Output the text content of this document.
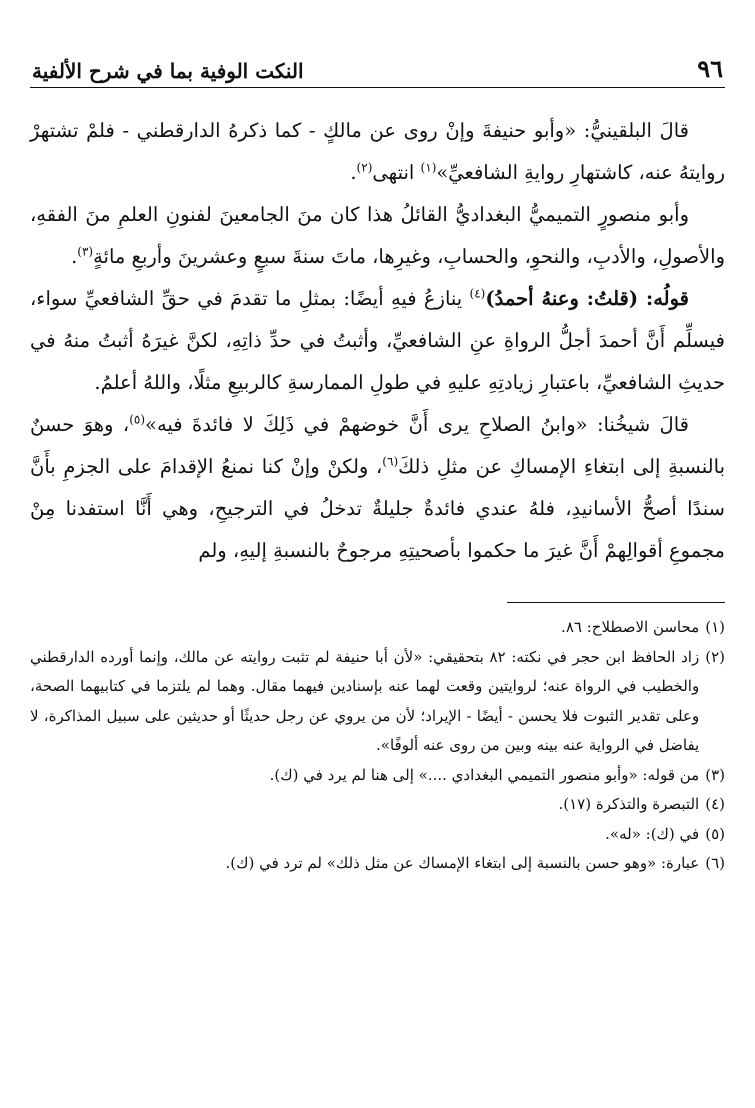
٩٦
النكت الوفية بما في شرح الألفية

قالَ البلقينيُّ: «وأبو حنيفةَ وإنْ روى عن مالكٍ - كما ذكرهُ الدارقطني - فلمْ تشتهرْ روايتهُ عنه، كاشتهارِ روايةِ الشافعيِّ»$^{(١)}$ انتهى$^{(٢)}$.

وأبو منصورٍ التميميُّ البغداديُّ القائلُ هذا كان منَ الجامعينَ لفنونِ العلمِ منَ الفقهِ، والأصولِ، والأدبِ، والنحوِ، والحسابِ، وغيرِها، ماتَ سنةَ سبعٍ وعشرينَ وأربعِ مائةٍ$^{(٣)}$.

قولُه: (قلتُ: وعنهُ أحمدُ)$^{(٤)}$ ينازعُ فيهِ أيضًا: بمثلِ ما تقدمَ في حقِّ الشافعيِّ سواء، فيسلِّم أَنَّ أحمدَ أجلُّ الرواةِ عنِ الشافعيِّ، وأثبتُ في حدِّ ذاتِهِ، لكنَّ غيرَهُ أثبتُ منهُ في حديثِ الشافعيِّ، باعتبارِ زيادتِهِ عليهِ في طولِ الممارسةِ كالربيعِ مثلًا، واللهُ أعلمُ.

قالَ شيخُنا: «وابنُ الصلاحِ يرى أَنَّ خوضهمْ في ذَلِكَ لا فائدةَ فيه»$^{(٥)}$، وهوَ حسنٌ بالنسبةِ إلى ابتغاءِ الإمساكِ عن مثلِ ذلكَ$^{(٦)}$، ولكنْ وإنْ كنا نمنعُ الإقدامَ على الجزمِ بأَنَّ سندًا أصحُّ الأسانيدِ، فلهُ عندي فائدةٌ جليلةٌ تدخلُ في الترجيحِ، وهي أَنَّا استفدنا مِنْ مجموعِ أقوالِهمْ أَنَّ غيرَ ما حكموا بأصحيتِهِ مرجوحٌ بالنسبةِ إليهِ، ولم

(١)
محاسن الاصطلاح: ٨٦.
(٢)
زاد الحافظ ابن حجر في نكته: ٨٢ بتحقيقي: «لأن أبا حنيفة لم تثبت روايته عن مالك، وإنما أورده الدارقطني والخطيب في الرواة عنه؛ لروايتين وقعت لهما عنه بإسنادين فيهما مقال. وهما لم يلتزما في كتابيهما الصحة، وعلى تقدير الثبوت فلا يحسن - أيضًا - الإيراد؛ لأن من يروي عن رجل حديثًا أو حديثين على سبيل المذاكرة، لا يفاضل في الرواية عنه بينه وبين من روى عنه ألوفًا».
(٣)
من قوله: «وأبو منصور التميمي البغدادي ....» إلى هنا لم يرد في (ك).
(٤)
التبصرة والتذكرة (١٧).
(٥)
في (ك): «له».
(٦)
عبارة: «وهو حسن بالنسبة إلى ابتغاء الإمساك عن مثل ذلك» لم ترد في (ك).
